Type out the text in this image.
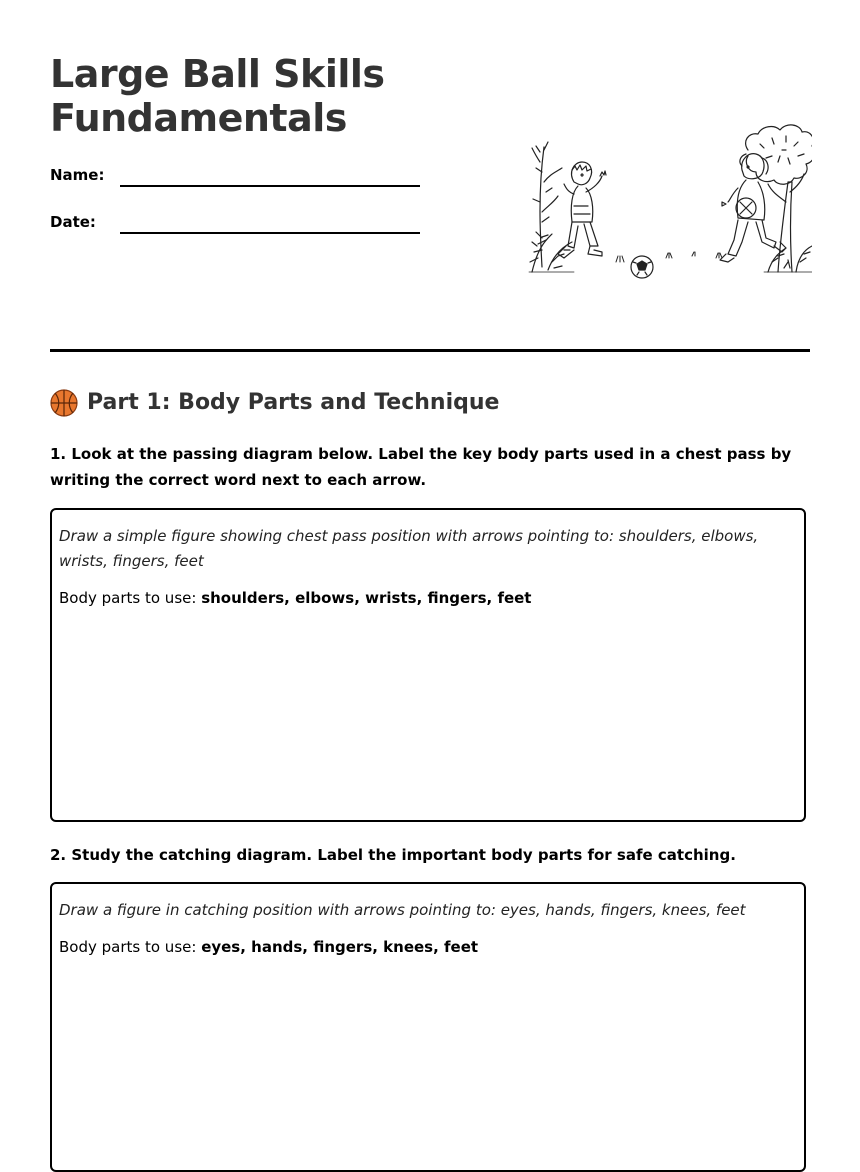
Large Ball Skills Fundamentals
Name:
Date:
Part 1: Body Parts and Technique

1. Look at the passing diagram below. Label the key body parts used in a chest pass by writing the correct word next to each arrow.

Draw a simple figure showing chest pass position with arrows pointing to: shoulders, elbows, wrists, fingers, feet

Body parts to use: shoulders, elbows, wrists, fingers, feet

2. Study the catching diagram. Label the important body parts for safe catching.

Draw a figure in catching position with arrows pointing to: eyes, hands, fingers, knees, feet

Body parts to use: eyes, hands, fingers, knees, feet
